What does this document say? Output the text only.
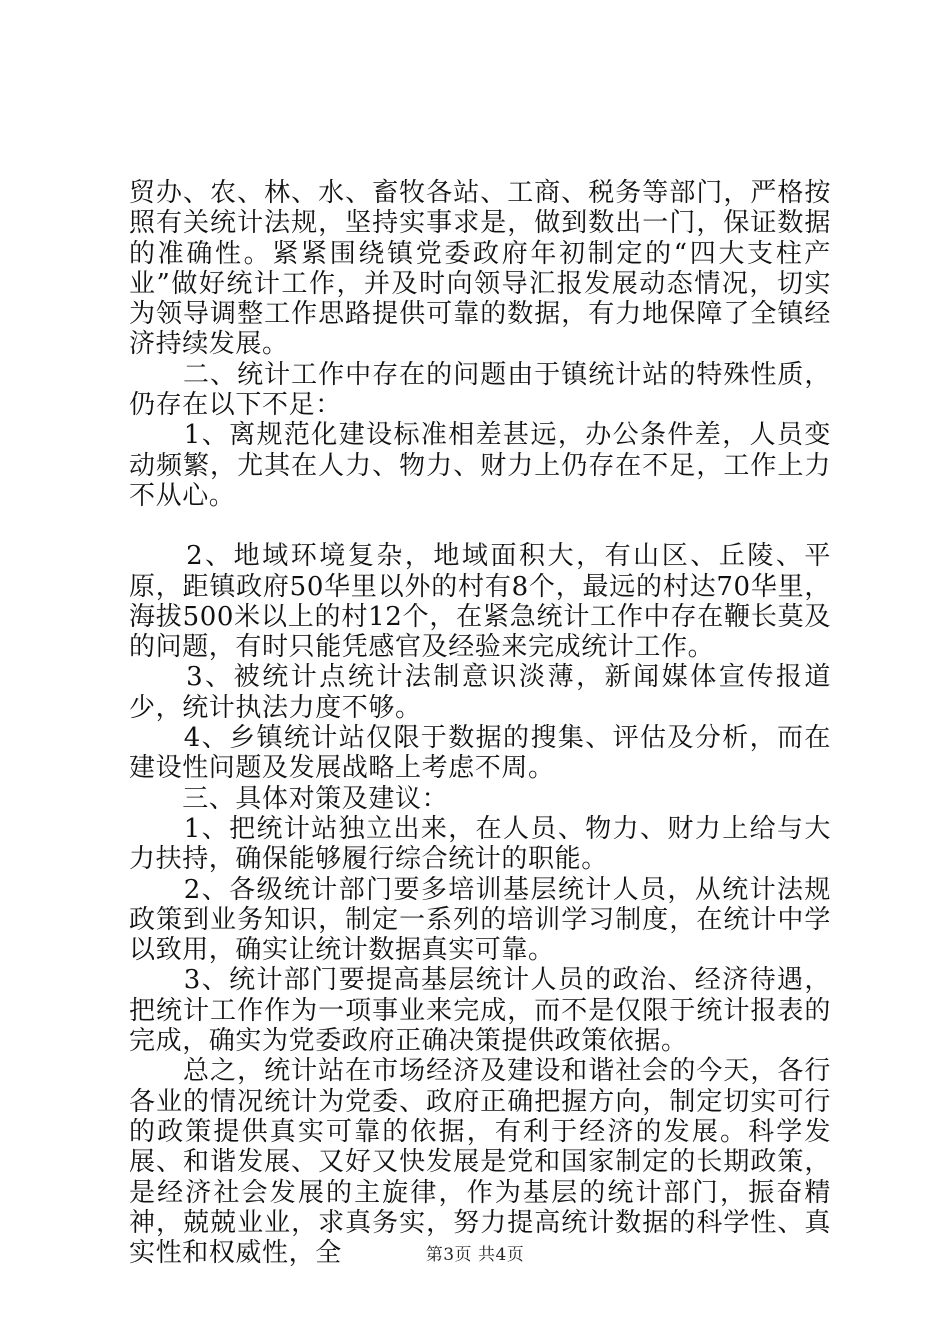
贸办、农、林、水、畜牧各站、工商、税务等部门，严格按照有关统计法规，坚持实事求是，做到数出一门，保证数据的准确性。紧紧围绕镇党委政府年初制定的“四大支柱产业”做好统计工作，并及时向领导汇报发展动态情况，切实为领导调整工作思路提供可靠的数据，有力地保障了全镇经济持续发展。

　　二、统计工作中存在的问题由于镇统计站的特殊性质，仍存在以下不足：

　　1、离规范化建设标准相差甚远，办公条件差，人员变动频繁，尤其在人力、物力、财力上仍存在不足，工作上力不从心。

　　2、地域环境复杂，地域面积大，有山区、丘陵、平原，距镇政府50华里以外的村有8个，最远的村达70华里，海拔500米以上的村12个，在紧急统计工作中存在鞭长莫及的问题，有时只能凭感官及经验来完成统计工作。

　　3、被统计点统计法制意识淡薄，新闻媒体宣传报道少，统计执法力度不够。

　　4、乡镇统计站仅限于数据的搜集、评估及分析，而在建设性问题及发展战略上考虑不周。

　　三、具体对策及建议：

　　1、把统计站独立出来，在人员、物力、财力上给与大力扶持，确保能够履行综合统计的职能。

　　2、各级统计部门要多培训基层统计人员，从统计法规政策到业务知识，制定一系列的培训学习制度，在统计中学以致用，确实让统计数据真实可靠。

　　3、统计部门要提高基层统计人员的政治、经济待遇，把统计工作作为一项事业来完成，而不是仅限于统计报表的完成，确实为党委政府正确决策提供政策依据。

　　总之，统计站在市场经济及建设和谐社会的今天，各行各业的情况统计为党委、政府正确把握方向，制定切实可行的政策提供真实可靠的依据，有利于经济的发展。科学发展、和谐发展、又好又快发展是党和国家制定的长期政策，是经济社会发展的主旋律，作为基层的统计部门，振奋精神，兢兢业业，求真务实，努力提高统计数据的科学性、真实性和权威性，全	第3页 共4页
